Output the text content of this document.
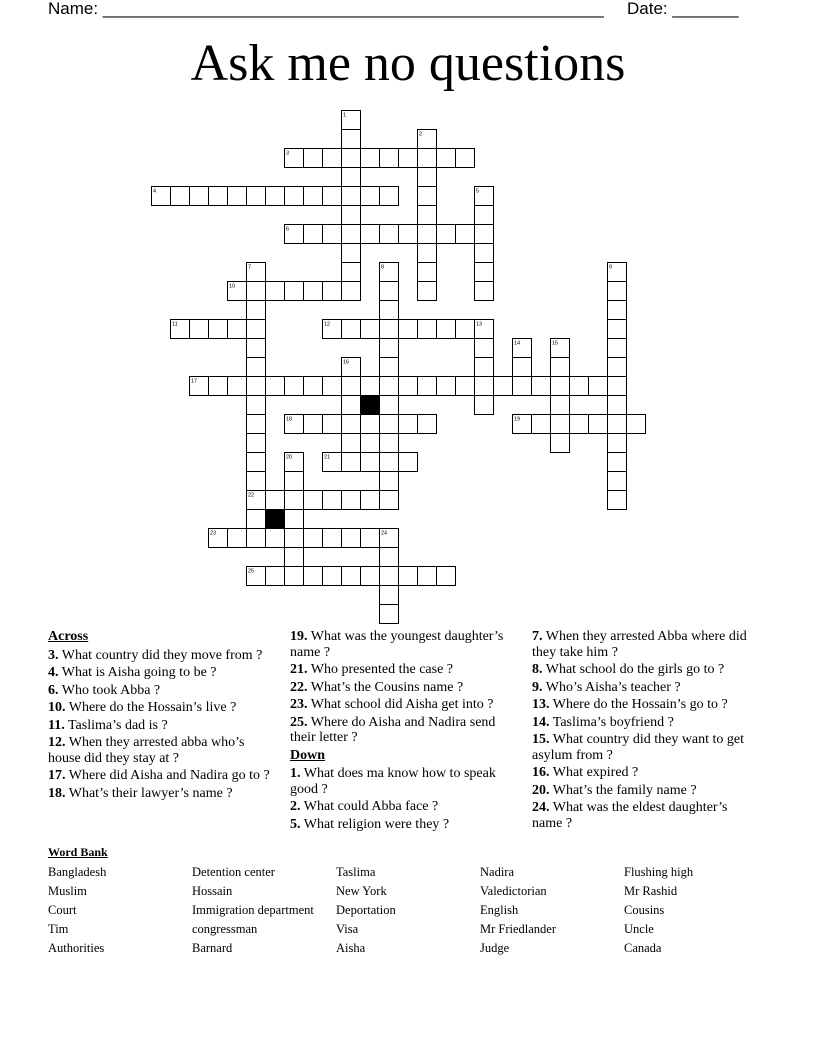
Name: _____________________________________________________ Date: _______
Ask me no questions
1
2
3
4	5
6
7	8	9
10
11	12	13
14	15
16
17
18	19
20	21
22
23	24
25
Across
3. What country did they move from ?
4. What is Aisha going to be ?
6. Who took Abba ?
10. Where do the Hossain’s live ?
11. Taslima’s dad is ?
12. When they arrested abba who’s house did they stay at ?
17. Where did Aisha and Nadira go to ?
18. What’s their lawyer’s name ?
19. What was the youngest daughter’s name ?
21. Who presented the case ?
22. What’s the Cousins name ?
23. What school did Aisha get into ?
25. Where do Aisha and Nadira send their letter ?
Down
1. What does ma know how to speak good ?
2. What could Abba face ?
5. What religion were they ?
7. When they arrested Abba where did they take him ?
8. What school do the girls go to ?
9. Who’s Aisha’s teacher ?
13. Where do the Hossain’s go to ?
14. Taslima’s boyfriend ?
15. What country did they want to get asylum from ?
16. What expired ?
20. What’s the family name ?
24. What was the eldest daughter’s name ?
Word Bank
Bangladesh
Muslim
Court
Tim
Authorities
Detention center
Hossain
Immigration department
congressman
Barnard
Taslima
New York
Deportation
Visa
Aisha
Nadira
Valedictorian
English
Mr Friedlander
Judge
Flushing high
Mr Rashid
Cousins
Uncle
Canada
